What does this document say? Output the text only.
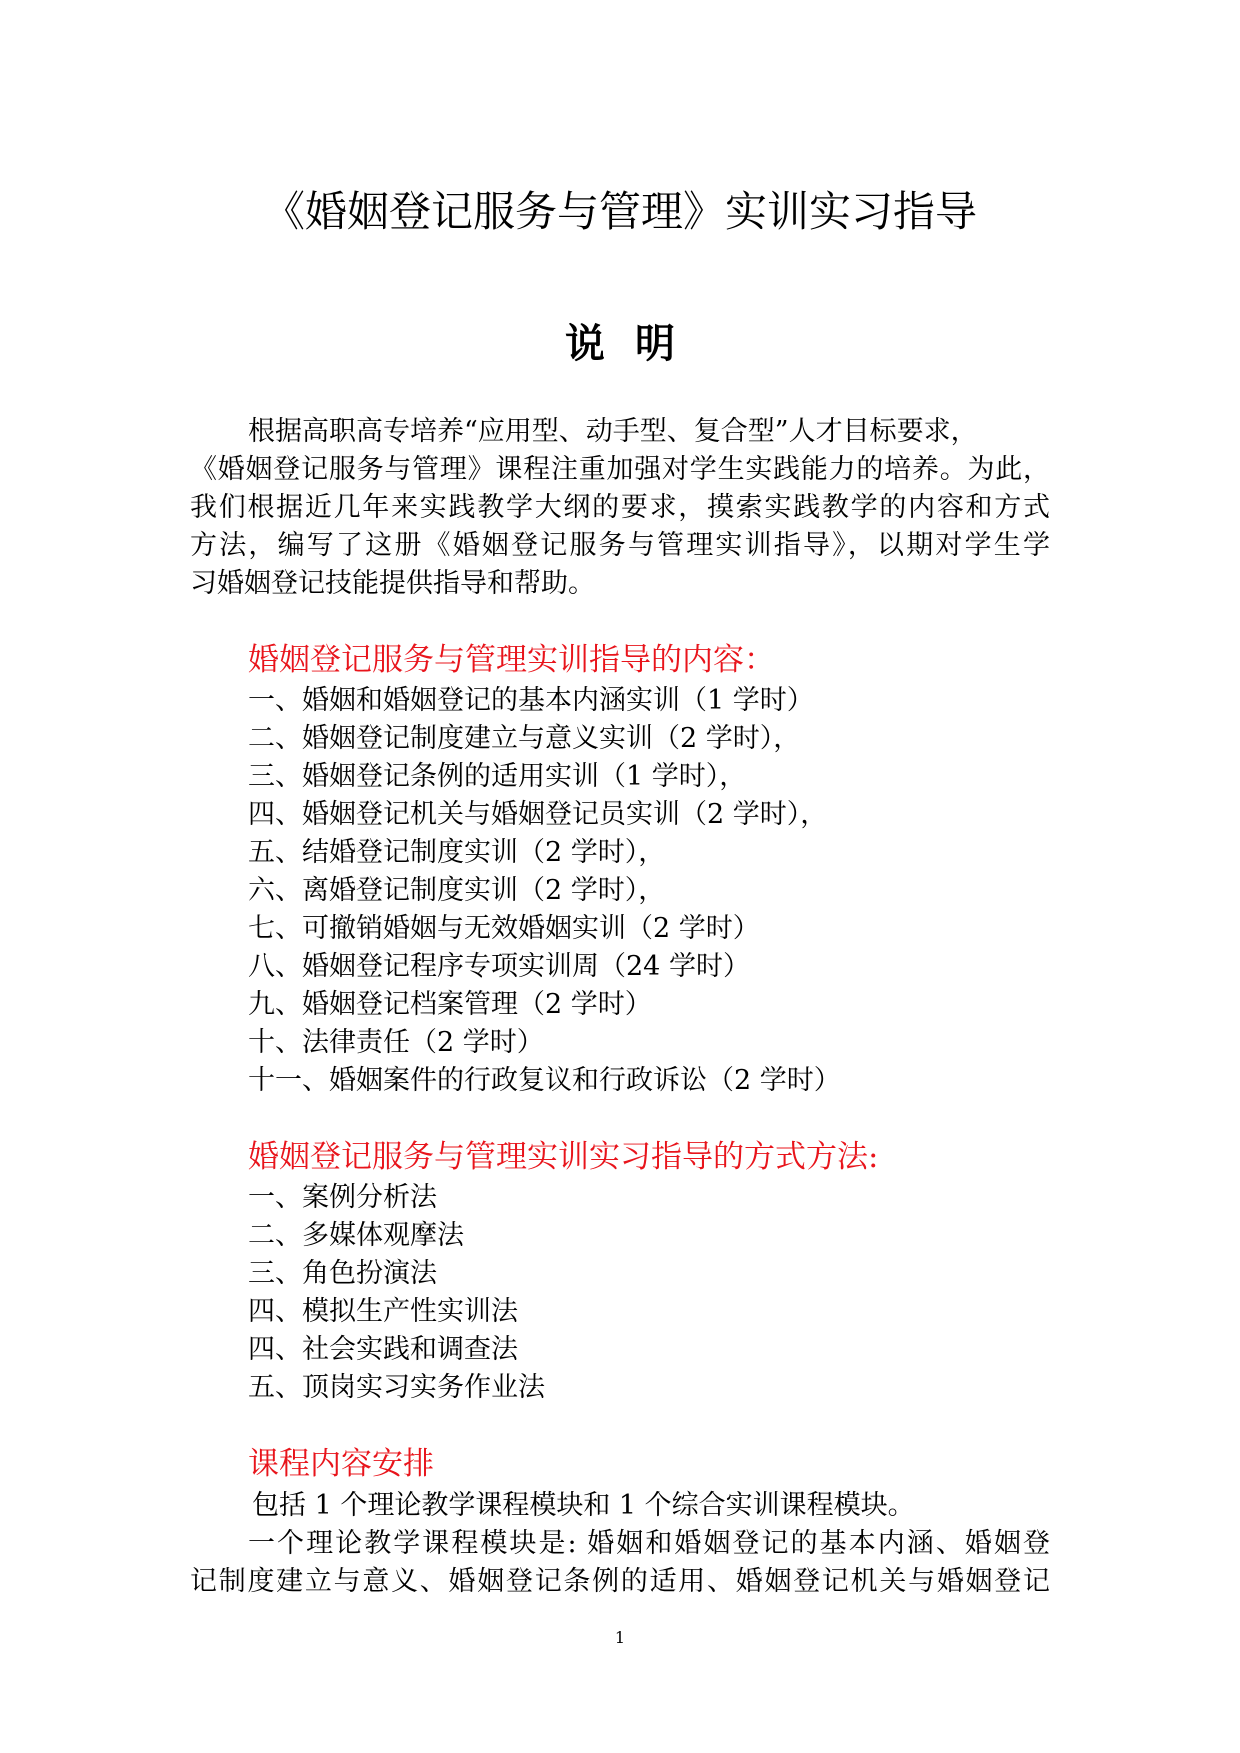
《婚姻登记服务与管理》实训实习指导
说明
根据高职高专培养“应用型、动手型、复合型”人才目标要求，
《婚姻登记服务与管理》课程注重加强对学生实践能力的培养。为此，
我们根据近几年来实践教学大纲的要求，摸索实践教学的内容和方式
方法，编写了这册《婚姻登记服务与管理实训指导》，以期对学生学
习婚姻登记技能提供指导和帮助。
婚姻登记服务与管理实训指导的内容：
一、婚姻和婚姻登记的基本内涵实训（1 学时）
二、婚姻登记制度建立与意义实训（2 学时），
三、婚姻登记条例的适用实训（1 学时），
四、婚姻登记机关与婚姻登记员实训（2 学时），
五、结婚登记制度实训（2 学时），
六、离婚登记制度实训（2 学时），
七、可撤销婚姻与无效婚姻实训（2 学时）
八、婚姻登记程序专项实训周（24 学时）
九、婚姻登记档案管理（2 学时）
十、法律责任（2 学时）
十一、婚姻案件的行政复议和行政诉讼（2 学时）
婚姻登记服务与管理实训实习指导的方式方法:
一、案例分析法
二、多媒体观摩法
三、角色扮演法
四、模拟生产性实训法
四、社会实践和调查法
五、顶岗实习实务作业法
课程内容安排
包括 1 个理论教学课程模块和 1 个综合实训课程模块。
一个理论教学课程模块是: 婚姻和婚姻登记的基本内涵、婚姻登
记制度建立与意义、婚姻登记条例的适用、婚姻登记机关与婚姻登记
1
